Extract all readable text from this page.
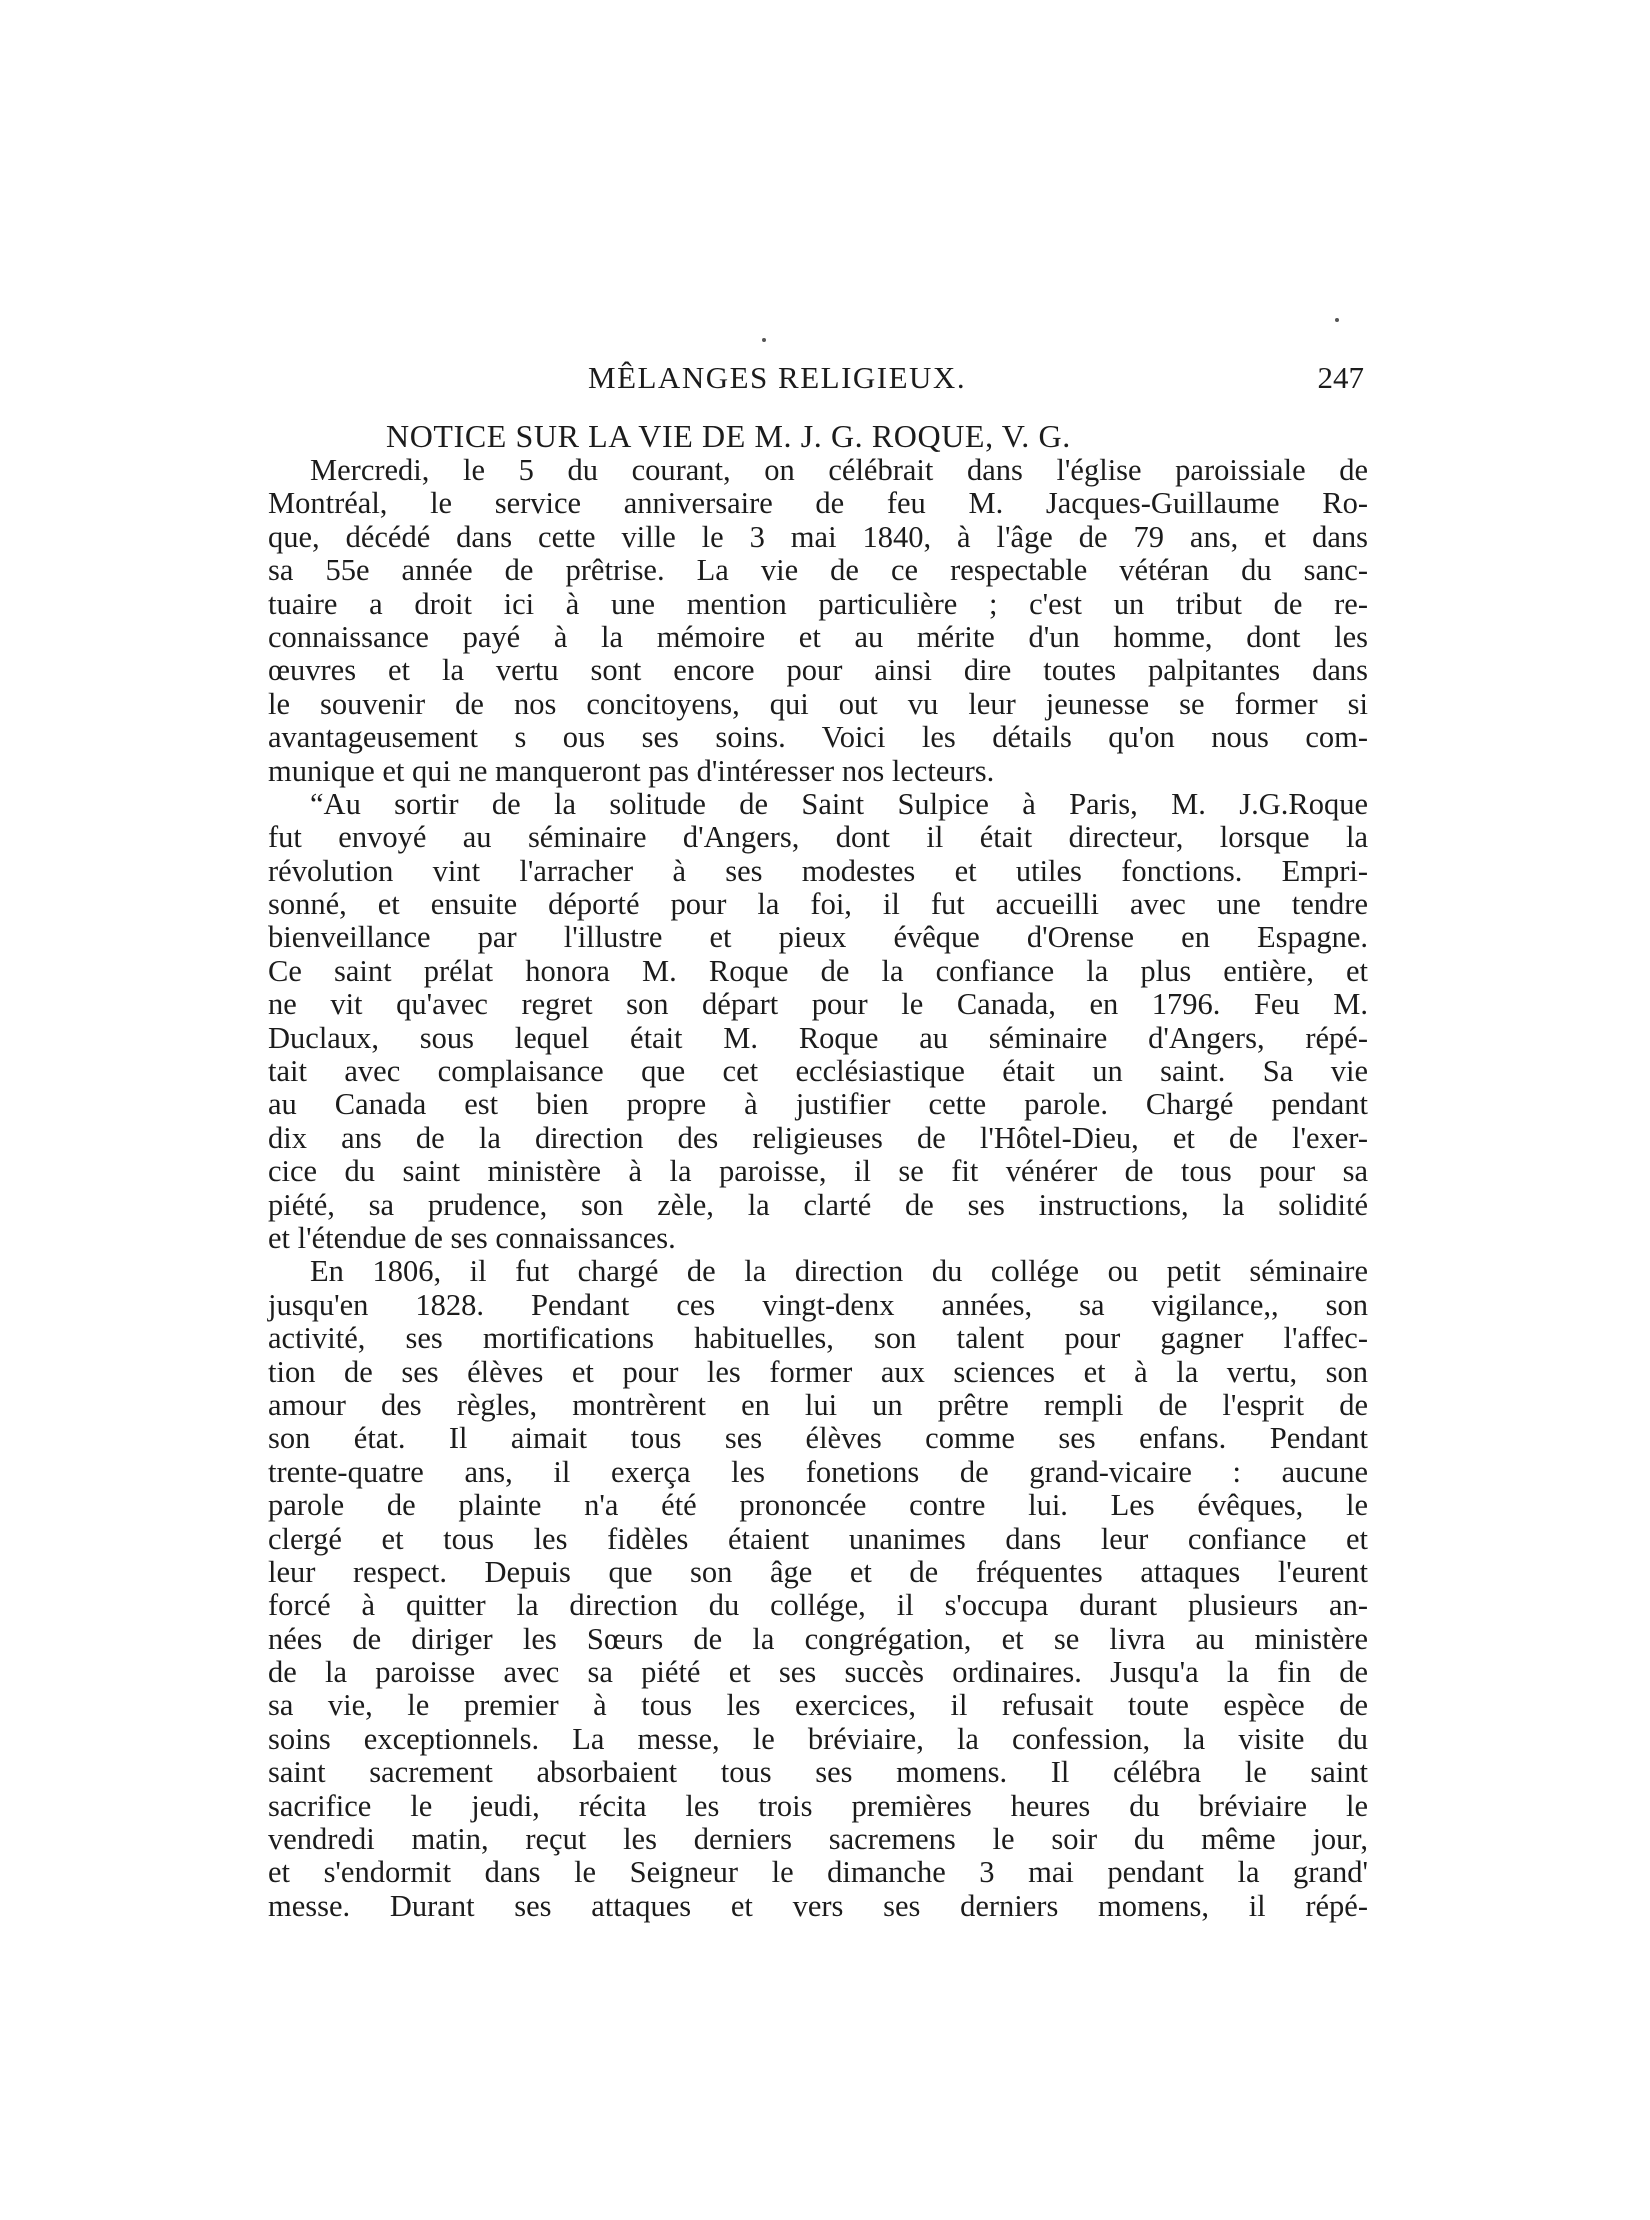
MÊLANGES RELIGIEUX.	247
NOTICE SUR LA VIE DE M. J. G. ROQUE, V. G.
Mercredi, le 5 du courant, on célébrait dans l'église paroissiale de
Montréal, le service anniversaire de feu M. Jacques-Guillaume Ro-
que, décédé dans cette ville le 3 mai 1840, à l'âge de 79 ans, et dans
sa 55e année de prêtrise. La vie de ce respectable vétéran du sanc-
tuaire a droit ici à une mention particulière ; c'est un tribut de re-
connaissance payé à la mémoire et au mérite d'un homme, dont les
œuvres et la vertu sont encore pour ainsi dire toutes palpitantes dans
le souvenir de nos concitoyens, qui out vu leur jeunesse se former si
avantageusement s ous ses soins. Voici les détails qu'on nous com-
munique et qui ne manqueront pas d'intéresser nos lecteurs.
“Au sortir de la solitude de Saint Sulpice à Paris, M. J.G.Roque
fut envoyé au séminaire d'Angers, dont il était directeur, lorsque la
révolution vint l'arracher à ses modestes et utiles fonctions. Empri-
sonné, et ensuite déporté pour la foi, il fut accueilli avec une tendre
bienveillance par l'illustre et pieux évêque d'Orense en Espagne.
Ce saint prélat honora M. Roque de la confiance la plus entière, et
ne vit qu'avec regret son départ pour le Canada, en 1796. Feu M.
Duclaux, sous lequel était M. Roque au séminaire d'Angers, répé-
tait avec complaisance que cet ecclésiastique était un saint. Sa vie
au Canada est bien propre à justifier cette parole. Chargé pendant
dix ans de la direction des religieuses de l'Hôtel-Dieu, et de l'exer-
cice du saint ministère à la paroisse, il se fit vénérer de tous pour sa
piété, sa prudence, son zèle, la clarté de ses instructions, la solidité
et l'étendue de ses connaissances.
En 1806, il fut chargé de la direction du collége ou petit séminaire
jusqu'en 1828. Pendant ces vingt-denx années, sa vigilance,, son
activité, ses mortifications habituelles, son talent pour gagner l'affec-
tion de ses élèves et pour les former aux sciences et à la vertu, son
amour des règles, montrèrent en lui un prêtre rempli de l'esprit de
son état. Il aimait tous ses élèves comme ses enfans. Pendant
trente-quatre ans, il exerça les fonetions de grand-vicaire : aucune
parole de plainte n'a été prononcée contre lui. Les évêques, le
clergé et tous les fidèles étaient unanimes dans leur confiance et
leur respect. Depuis que son âge et de fréquentes attaques l'eurent
forcé à quitter la direction du collége, il s'occupa durant plusieurs an-
nées de diriger les Sœurs de la congrégation, et se livra au ministère
de la paroisse avec sa piété et ses succès ordinaires. Jusqu'a la fin de
sa vie, le premier à tous les exercices, il refusait toute espèce de
soins exceptionnels. La messe, le bréviaire, la confession, la visite du
saint sacrement absorbaient tous ses momens. Il célébra le saint
sacrifice le jeudi, récita les trois premières heures du bréviaire le
vendredi matin, reçut les derniers sacremens le soir du même jour,
et s'endormit dans le Seigneur le dimanche 3 mai pendant la grand'
messe. Durant ses attaques et vers ses derniers momens, il répé-
